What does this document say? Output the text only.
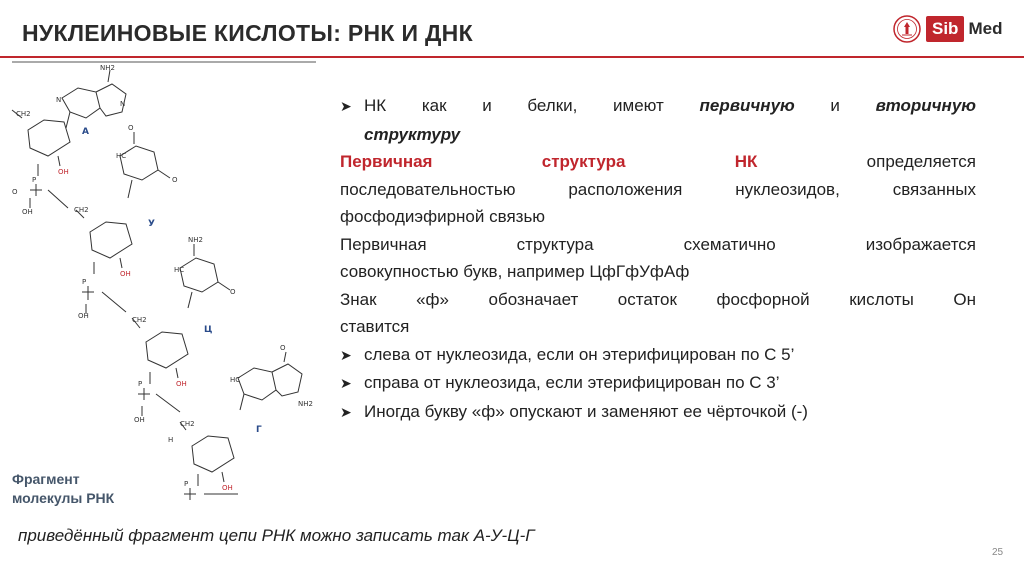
НУКЛЕИНОВЫЕ КИСЛОТЫ: РНК И ДНК	Sib Med
NH2
N	N
CH2
P
O
OH
O
HC
O
CH2
P
OH
NH2
HC
O
CH2
P
OH
O
HC
NH2
CH2
P
H
OH
OH
OH
OH
А
У
Ц
Г
Фрагмент
молекулы РНК
➤ НК как и белки, имеют первичную и вторичную
структуру
Первичная структура НК определяется
последовательностью расположения нуклеозидов, связанных
фосфодиэфирной связью
Первичная структура схематично изображается
совокупностью букв, например ЦфГфУфАф
Знак «ф» обозначает остаток фосфорной кислоты Он
ставится
➤ слева от нуклеозида, если он этерифицирован по С 5’
➤ справа от нуклеозида, если этерифицирован по С 3’
➤ Иногда букву «ф» опускают и заменяют ее чёрточкой (-)
приведённый фрагмент цепи РНК можно записать так А-У-Ц-Г
25
